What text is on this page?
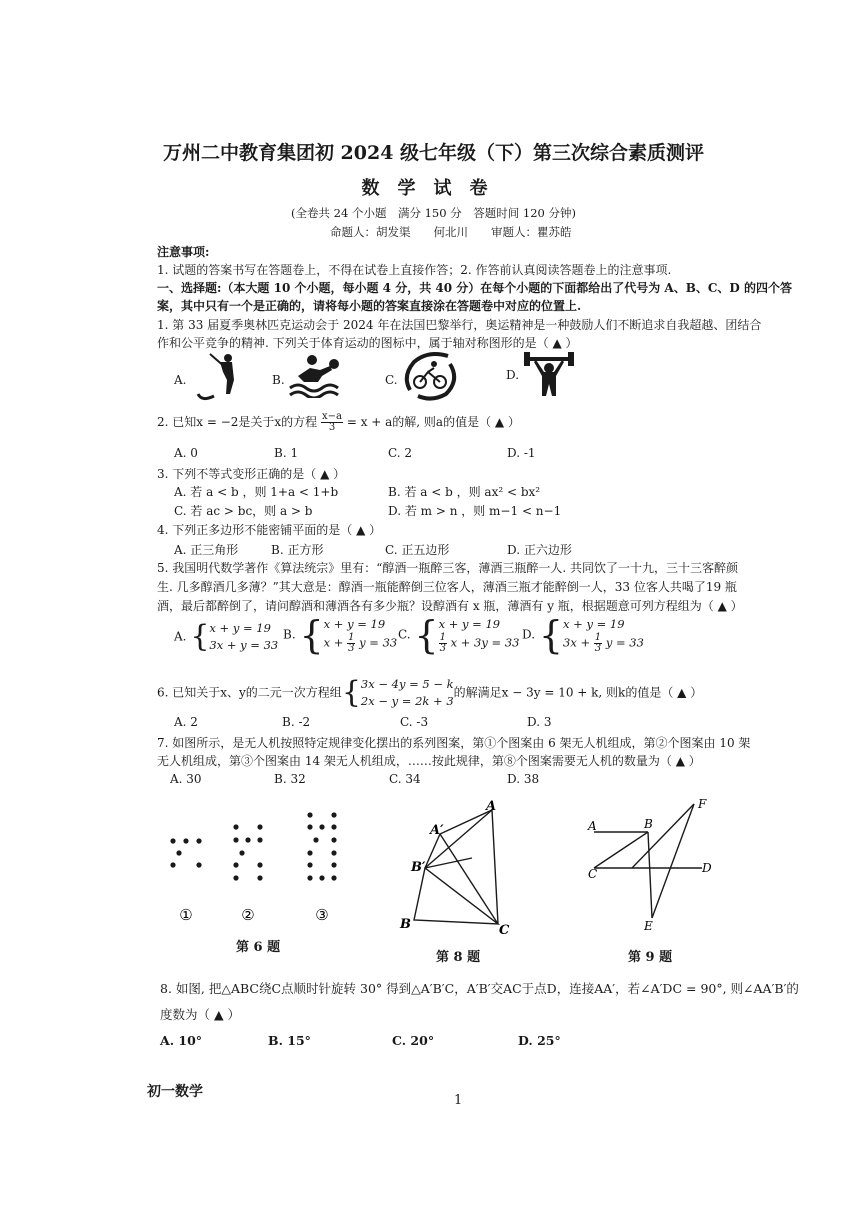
万州二中教育集团初 2024 级七年级（下）第三次综合素质测评
数学试卷
(全卷共 24 个小题　满分 150 分　答题时间 120 分钟)
命题人：胡发渠　　何北川　　审题人：瞿苏皓
注意事项:
1. 试题的答案书写在答题卷上，不得在试卷上直接作答；2. 作答前认真阅读答题卷上的注意事项.
一、选择题:（本大题 10 个小题，每小题 4 分，共 40 分）在每个小题的下面都给出了代号为 A、B、C、D 的四个答
案，其中只有一个是正确的，请将每小题的答案直接涂在答题卷中对应的位置上.
1. 第 33 届夏季奥林匹克运动会于 2024 年在法国巴黎举行，奥运精神是一种鼓励人们不断追求自我超越、团结合
作和公平竞争的精神. 下列关于体育运动的图标中，属于轴对称图形的是（ ▲ ）
A.	B.	C.	D.
2. 已知x = −2是关于x的方程 $\frac{x-a}{3} = x + a$的解, 则a的值是（ ▲ ）
A. 0	B. 1	C. 2	D. -1
3. 下列不等式变形正确的是（ ▲ ）
A. 若 a < b ，则 1+a < 1+b	B. 若 a < b ，则 ax² < bx²
C. 若 ac > bc，则 a > b	D. 若 m > n ，则 m−1 < n−1
4. 下列正多边形不能密铺平面的是（ ▲ ）
A. 正三角形	B. 正方形	C. 正五边形	D. 正六边形
5. 我国明代数学著作《算法统宗》里有：“醇酒一瓶醉三客，薄酒三瓶醉一人. 共同饮了一十九，三十三客醉颜
生. 几多醇酒几多薄？”其大意是：醇酒一瓶能醉倒三位客人，薄酒三瓶才能醉倒一人，33 位客人共喝了19 瓶
酒，最后都醉倒了，请问醇酒和薄酒各有多少瓶？设醇酒有 x 瓶，薄酒有 y 瓶，根据题意可列方程组为（ ▲ ）
A. { x + y = 19
3x + y = 33
B. { x + y = 19
$x + \frac{1}{3}$ y = 33
C. { x + y = 19
$\frac{1}{3}$ x + 3y = 33
D. { x + y = 19
$3x + \frac{1}{3}$ y = 33
6. 已知关于x、y的二元一次方程组{ 3x − 4y = 5 − k
2x − y = 2k + 3
的解满足x − 3y = 10 + k, 则k的值是（ ▲ ）
A. 2	B. -2	C. -3	D. 3
7. 如图所示，是无人机按照特定规律变化摆出的系列图案，第①个图案由 6 架无人机组成，第②个图案由 10 架
无人机组成，第③个图案由 14 架无人机组成，……按此规律，第⑧个图案需要无人机的数量为（ ▲ ）
A. 30	B. 32	C. 34	D. 38
①	②	③
第 6 题
A
A′
B′
B	C
第 8 题
A	B
F
C	D
E
第 9 题
8. 如图, 把△ABC绕C点顺时针旋转 30° 得到△A′B′C，A′B′交AC于点D，连接AA′，若∠A′DC = 90°, 则∠AA′B′的
度数为（ ▲ ）
A. 10°	B. 15°	C. 20°	D. 25°
初一数学
1
